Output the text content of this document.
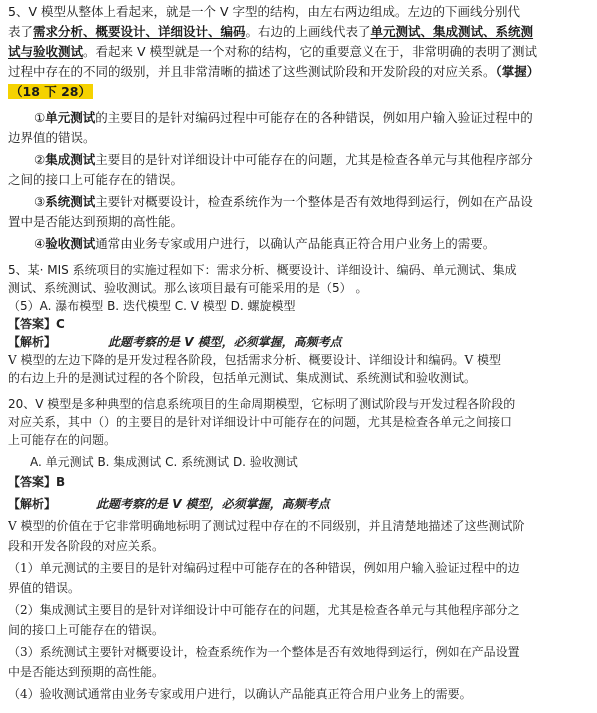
5、V 模型从整体上看起来，就是一个 V 字型的结构，由左右两边组成。左边的下画线分别代
表了需求分析、概要设计、详细设计、编码。右边的上画线代表了单元测试、集成测试、系统测
试与验收测试。看起来 V 模型就是一个对称的结构，它的重要意义在于，非常明确的表明了测试
过程中存在的不同的级别，并且非常清晰的描述了这些测试阶段和开发阶段的对应关系。（掌握）
（18 下 28）
①单元测试的主要目的是针对编码过程中可能存在的各种错误，例如用户输入验证过程中的
边界值的错误。
②集成测试主要目的是针对详细设计中可能存在的问题，尤其是检查各单元与其他程序部分
之间的接口上可能存在的错误。
③系统测试主要针对概要设计，检查系统作为一个整体是否有效地得到运行，例如在产品设
置中是否能达到预期的高性能。
④验收测试通常由业务专家或用户进行，以确认产品能真正符合用户业务上的需要。
5、某· MIS 系统项目的实施过程如下：需求分析、概要设计、详细设计、编码、单元测试、集成
测试、系统测试、验收测试。那么该项目最有可能采用的是（5） 。
（5）A. 瀑布模型 B. 迭代模型 C. V 模型 D. 螺旋模型
【答案】C
【解析】	此题考察的是 V 模型，必须掌握，高频考点
V 模型的左边下降的是开发过程各阶段，包括需求分析、概要设计、详细设计和编码。V 模型
的右边上升的是测试过程的各个阶段，包括单元测试、集成测试、系统测试和验收测试。
20、V 模型是多种典型的信息系统项目的生命周期模型，它标明了测试阶段与开发过程各阶段的
对应关系，其中（）的主要目的是针对详细设计中可能存在的问题，尤其是检查各单元之间接口
上可能存在的问题。
A. 单元测试 B. 集成测试 C. 系统测试 D. 验收测试
【答案】B
【解析】	此题考察的是 V 模型，必须掌握，高频考点
V 模型的价值在于它非常明确地标明了测试过程中存在的不同级别，并且清楚地描述了这些测试阶
段和开发各阶段的对应关系。
（1）单元测试的主要目的是针对编码过程中可能存在的各种错误，例如用户输入验证过程中的边
界值的错误。
（2）集成测试主要目的是针对详细设计中可能存在的问题，尤其是检查各单元与其他程序部分之
间的接口上可能存在的错误。
（3）系统测试主要针对概要设计，检查系统作为一个整体是否有效地得到运行，例如在产品设置
中是否能达到预期的高性能。
（4）验收测试通常由业务专家或用户进行，以确认产品能真正符合用户业务上的需要。
